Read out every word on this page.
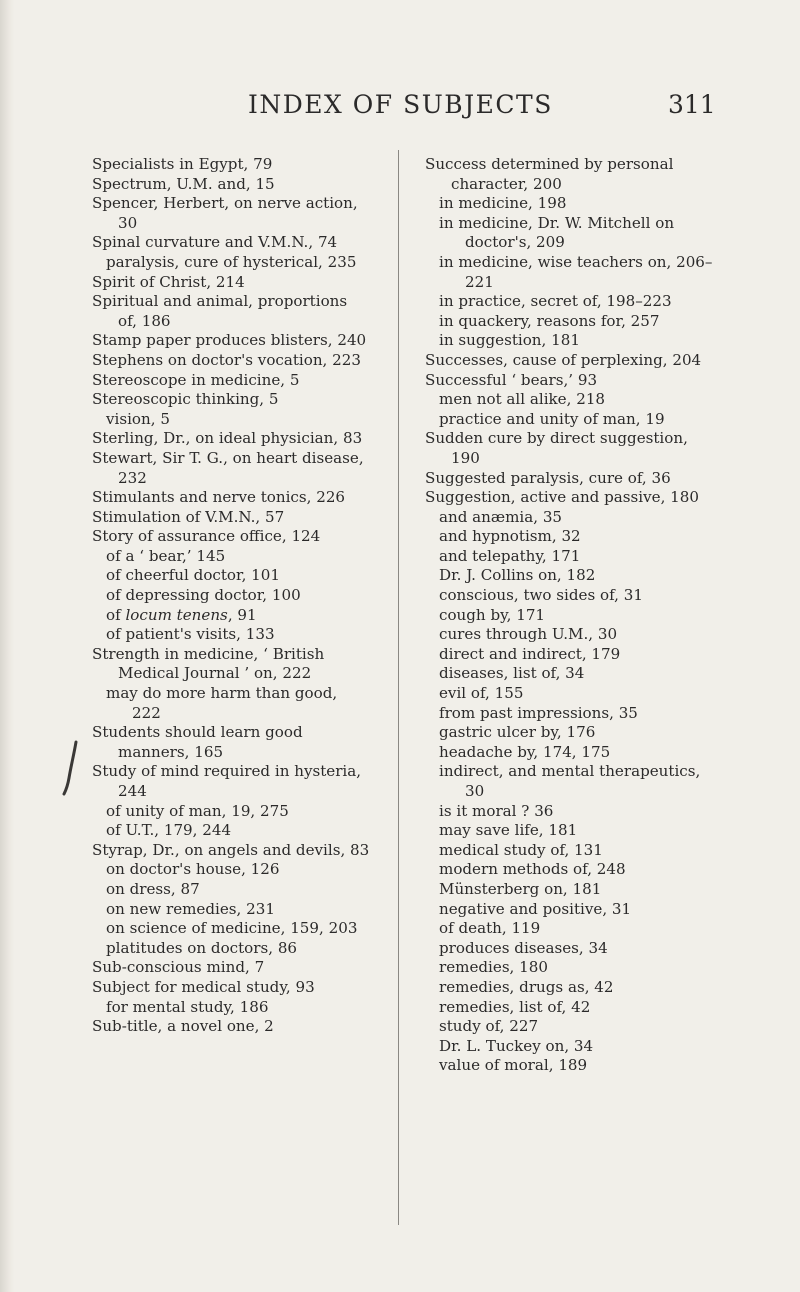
INDEX OF SUBJECTS	311
Specialists in Egypt, 79
Spectrum, U.M. and, 15
Spencer, Herbert, on nerve action, 30
Spinal curvature and V.M.N., 74
paralysis, cure of hysterical, 235
Spirit of Christ, 214
Spiritual and animal, proportions of, 186
Stamp paper produces blisters, 240
Stephens on doctor's vocation, 223
Stereoscope in medicine, 5
Stereoscopic thinking, 5
vision, 5
Sterling, Dr., on ideal physician, 83
Stewart, Sir T. G., on heart disease, 232
Stimulants and nerve tonics, 226
Stimulation of V.M.N., 57
Story of assurance office, 124
of a ‘ bear,’ 145
of cheerful doctor, 101
of depressing doctor, 100
of locum tenens, 91
of patient's visits, 133
Strength in medicine, ‘ British Medical Journal ’ on, 222
may do more harm than good, 222
Students should learn good manners, 165
Study of mind required in hysteria, 244
of unity of man, 19, 275
of U.T., 179, 244
Styrap, Dr., on angels and devils, 83
on doctor's house, 126
on dress, 87
on new remedies, 231
on science of medicine, 159, 203
platitudes on doctors, 86
Sub-conscious mind, 7
Subject for medical study, 93
for mental study, 186
Sub-title, a novel one, 2
Success determined by personal character, 200
in medicine, 198
in medicine, Dr. W. Mitchell on doctor's, 209
in medicine, wise teachers on, 206–221
in practice, secret of, 198–223
in quackery, reasons for, 257
in suggestion, 181
Successes, cause of perplexing, 204
Successful ‘ bears,’ 93
men not all alike, 218
practice and unity of man, 19
Sudden cure by direct suggestion, 190
Suggested paralysis, cure of, 36
Suggestion, active and passive, 180
and anæmia, 35
and hypnotism, 32
and telepathy, 171
Dr. J. Collins on, 182
conscious, two sides of, 31
cough by, 171
cures through U.M., 30
direct and indirect, 179
diseases, list of, 34
evil of, 155
from past impressions, 35
gastric ulcer by, 176
headache by, 174, 175
indirect, and mental therapeutics, 30
is it moral ? 36
may save life, 181
medical study of, 131
modern methods of, 248
Münsterberg on, 181
negative and positive, 31
of death, 119
produces diseases, 34
remedies, 180
remedies, drugs as, 42
remedies, list of, 42
study of, 227
Dr. L. Tuckey on, 34
value of moral, 189
